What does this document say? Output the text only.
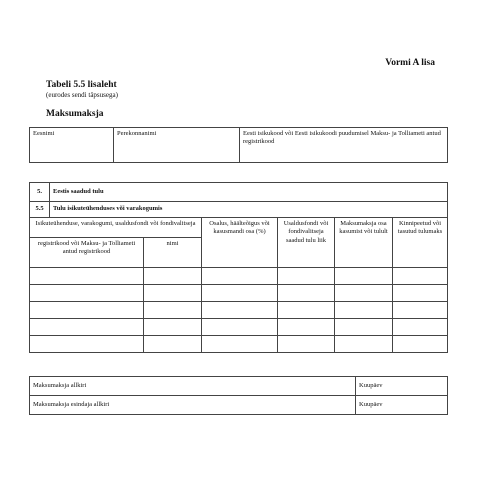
Vormi A lisa
Tabeli 5.5 lisaleht
(eurodes sendi täpsusega)
Maksumaksja
Eesnimi	Perekonnanimi	Eesti isikukood või Eesti isikukoodi puudumisel Maksu- ja Tolliameti antud registrikood
5.	Eestis saadud tulu					
5.5	Tulu isikuteühenduses või varakogumis					
Isikuteühenduse, varakogumi, usaldusfondi või fondivalitseja			Osalus, häälteõigus või kasusmandi osa (%)	Usaldusfondi või fondivalitseja saadud tulu liik	Maksumaksja osa kasumist või tulult	Kinnipeetud või tasutud tulumaks
registrikood või Maksu- ja Tolliameti antud registrikood		nimi				

Maksumaksja allkiri	Kuupäev
Maksumaksja esindaja allkiri	Kuupäev
